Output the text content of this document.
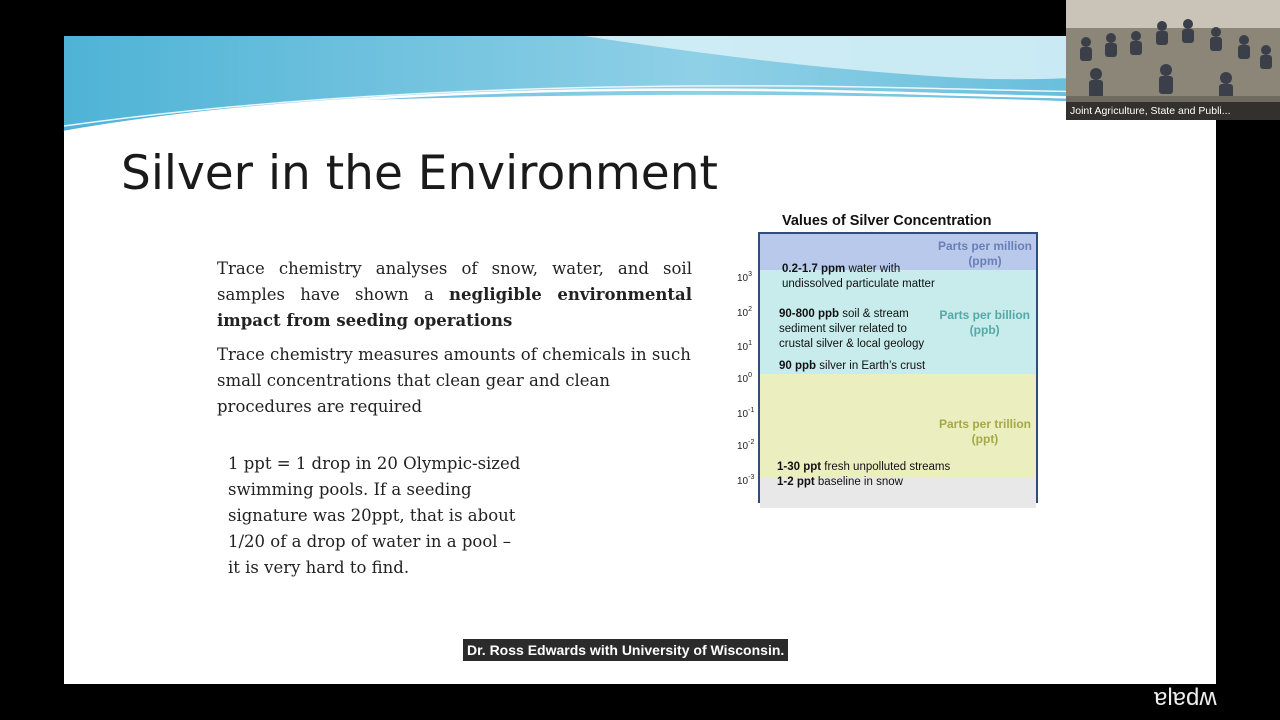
Silver in the Environment

Trace chemistry analyses of snow, water, and soil samples have shown a negligible environmental impact from seeding operations

Trace chemistry measures amounts of chemicals in such small concentrations that clean gear and clean procedures are required

1 ppt = 1 drop in 20 Olympic-sized swimming pools. If a seeding signature was 20ppt, that is about 1/20 of a drop of water in a pool – it is very hard to find.
Values of Silver Concentration
$10^3$
$10^2$
$10^1$
$10^0$
$10^{-1}$
$10^{-2}$
$10^{-3}$
Parts per million
(ppm)
Parts per billion
(ppb)
Parts per trillion
(ppt)
0.2-1.7 ppm water with
undissolved particulate matter
90-800 ppb soil & stream
sediment silver related to
crustal silver & local geology
90 ppb silver in Earth’s crust
1-30 ppt fresh unpolluted streams
1-2 ppt baseline in snow
ɐlɐdʍ
Dr. Ross Edwards with University of Wisconsin.
Joint Agriculture, State and Publi...
